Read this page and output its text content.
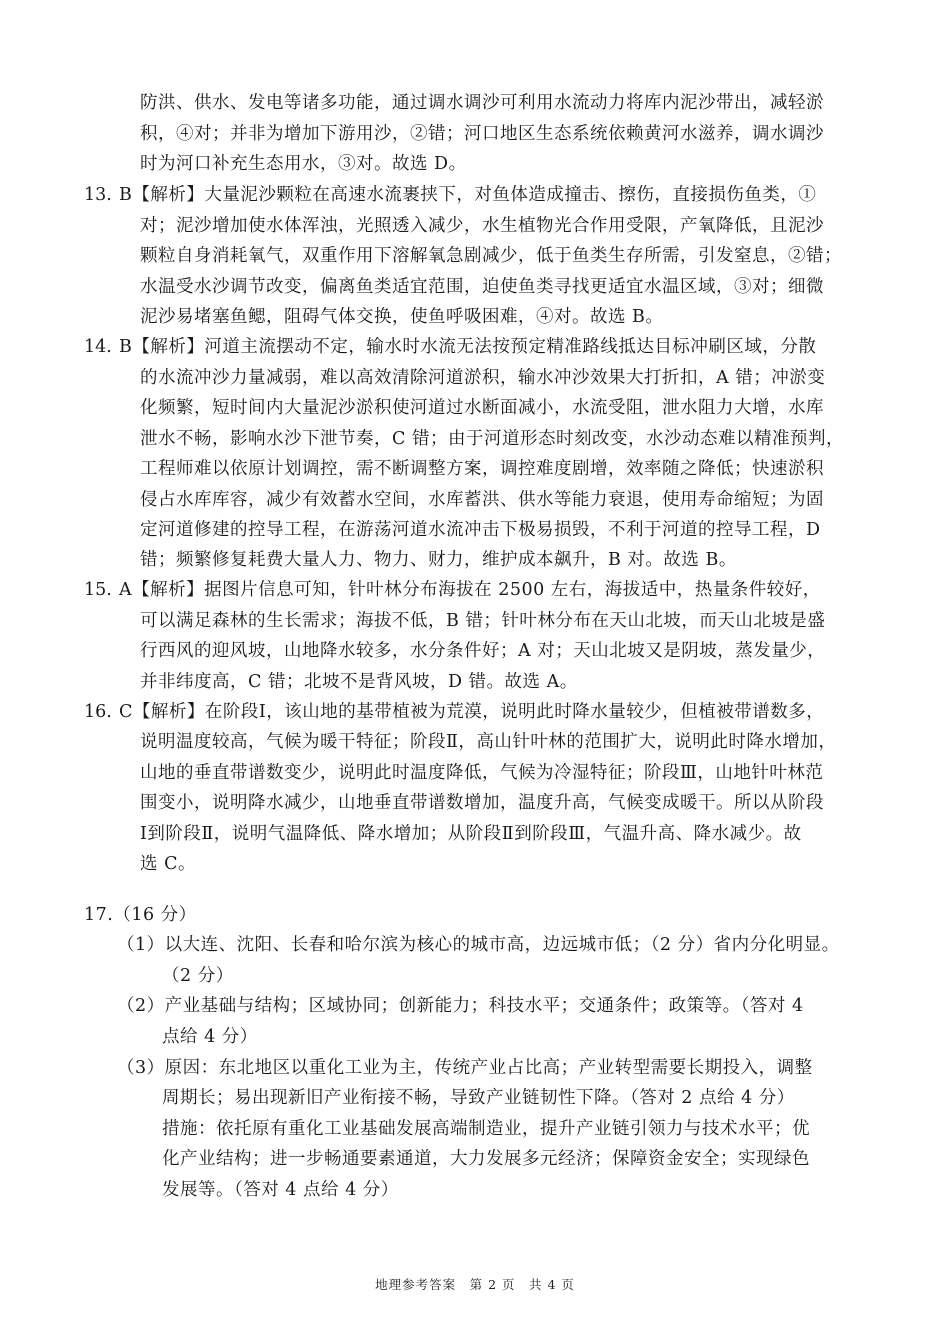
防洪、供水、发电等诸多功能，通过调水调沙可利用水流动力将库内泥沙带出，减轻淤
积，④对；并非为增加下游用沙，②错；河口地区生态系统依赖黄河水滋养，调水调沙
时为河口补充生态用水，③对。故选 D。
13. B【解析】大量泥沙颗粒在高速水流裹挟下，对鱼体造成撞击、擦伤，直接损伤鱼类，①
对；泥沙增加使水体浑浊，光照透入减少，水生植物光合作用受限，产氧降低，且泥沙
颗粒自身消耗氧气，双重作用下溶解氧急剧减少，低于鱼类生存所需，引发窒息，②错；
水温受水沙调节改变，偏离鱼类适宜范围，迫使鱼类寻找更适宜水温区域，③对；细微
泥沙易堵塞鱼鳃，阻碍气体交换，使鱼呼吸困难，④对。故选 B。
14. B【解析】河道主流摆动不定，输水时水流无法按预定精准路线抵达目标冲刷区域，分散
的水流冲沙力量减弱，难以高效清除河道淤积，输水冲沙效果大打折扣，A 错；冲淤变
化频繁，短时间内大量泥沙淤积使河道过水断面减小，水流受阻，泄水阻力大增，水库
泄水不畅，影响水沙下泄节奏，C 错；由于河道形态时刻改变，水沙动态难以精准预判，
工程师难以依原计划调控，需不断调整方案，调控难度剧增，效率随之降低；快速淤积
侵占水库库容，减少有效蓄水空间，水库蓄洪、供水等能力衰退，使用寿命缩短；为固
定河道修建的控导工程，在游荡河道水流冲击下极易损毁，不利于河道的控导工程，D
错；频繁修复耗费大量人力、物力、财力，维护成本飙升，B 对。故选 B。
15. A【解析】据图片信息可知，针叶林分布海拔在 2500 左右，海拔适中，热量条件较好，
可以满足森林的生长需求；海拔不低，B 错；针叶林分布在天山北坡，而天山北坡是盛
行西风的迎风坡，山地降水较多，水分条件好；A 对；天山北坡又是阴坡，蒸发量少，
并非纬度高，C 错；北坡不是背风坡，D 错。故选 A。
16. C【解析】在阶段Ⅰ，该山地的基带植被为荒漠，说明此时降水量较少，但植被带谱数多，
说明温度较高，气候为暖干特征；阶段Ⅱ，高山针叶林的范围扩大，说明此时降水增加，
山地的垂直带谱数变少，说明此时温度降低，气候为冷湿特征；阶段Ⅲ，山地针叶林范
围变小，说明降水减少，山地垂直带谱数增加，温度升高，气候变成暖干。所以从阶段
Ⅰ到阶段Ⅱ，说明气温降低、降水增加；从阶段Ⅱ到阶段Ⅲ，气温升高、降水减少。故
选 C。
17.（16 分）
（1）以大连、沈阳、长春和哈尔滨为核心的城市高，边远城市低；（2 分）省内分化明显。
（2 分）
（2）产业基础与结构；区域协同；创新能力；科技水平；交通条件；政策等。（答对 4
点给 4 分）
（3）原因：东北地区以重化工业为主，传统产业占比高；产业转型需要长期投入，调整
周期长；易出现新旧产业衔接不畅，导致产业链韧性下降。（答对 2 点给 4 分）
措施：依托原有重化工业基础发展高端制造业，提升产业链引领力与技术水平；优
化产业结构；进一步畅通要素通道，大力发展多元经济；保障资金安全；实现绿色
发展等。（答对 4 点给 4 分）
地理参考答案　第 2 页　共 4 页
